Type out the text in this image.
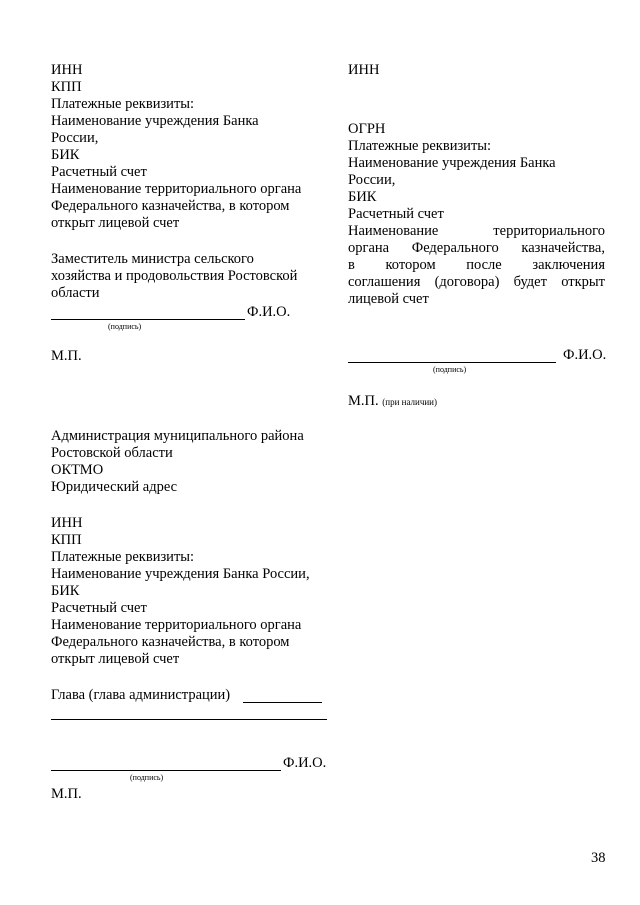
ИНН
КПП
Платежные реквизиты:
Наименование учреждения Банка
России,
БИК
Расчетный счет
Наименование территориального органа
Федерального казначейства, в котором
открыт лицевой счет
Заместитель министра сельского
хозяйства и продовольствия Ростовской
области
Ф.И.О.
(подпись)
М.П.
ИНН
ОГРН
Платежные реквизиты:
Наименование учреждения Банка
России,
БИК
Расчетный счет
Наименование	территориального
органа Федерального казначейства,
в котором после заключения
соглашения (договора) будет открыт
лицевой счет
Ф.И.О.
(подпись)
М.П. (при наличии)
Администрация муниципального района
Ростовской области
ОКТМО
Юридический адрес
ИНН
КПП
Платежные реквизиты:
Наименование учреждения Банка России,
БИК
Расчетный счет
Наименование территориального органа
Федерального казначейства, в котором
открыт лицевой счет
Глава (глава администрации)
Ф.И.О.
(подпись)
М.П.
38
